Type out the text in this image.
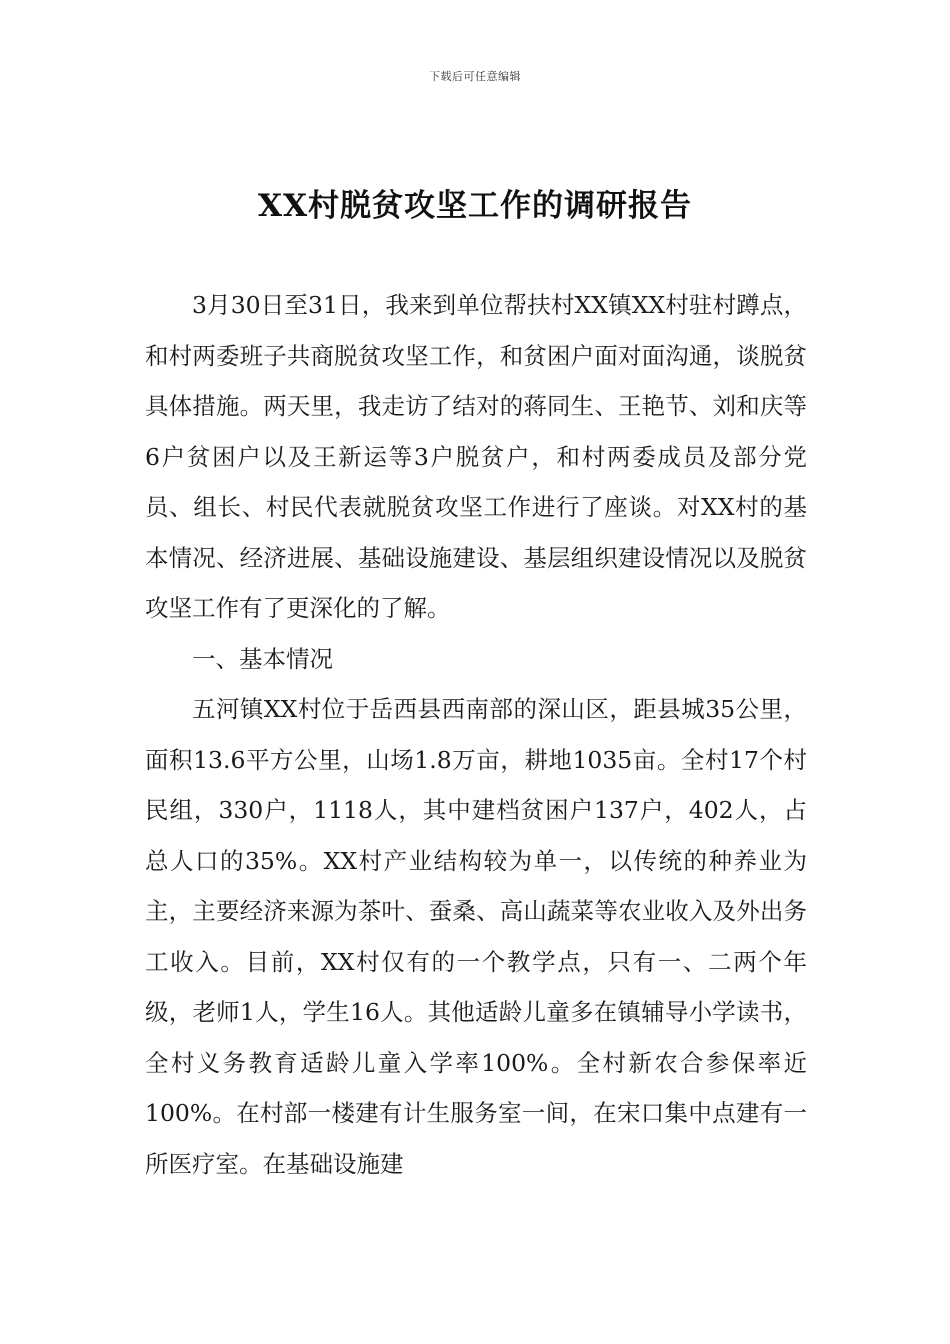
下载后可任意编辑
XX村脱贫攻坚工作的调研报告

3月30日至31日，我来到单位帮扶村XX镇XX村驻村蹲点，和村两委班子共商脱贫攻坚工作，和贫困户面对面沟通，谈脱贫具体措施。两天里，我走访了结对的蒋同生、王艳节、刘和庆等6户贫困户以及王新运等3户脱贫户，和村两委成员及部分党员、组长、村民代表就脱贫攻坚工作进行了座谈。对XX村的基本情况、经济进展、基础设施建设、基层组织建设情况以及脱贫攻坚工作有了更深化的了解。

一、基本情况

五河镇XX村位于岳西县西南部的深山区，距县城35公里，面积13.6平方公里，山场1.8万亩，耕地1035亩。全村17个村民组，330户，1118人，其中建档贫困户137户，402人，占总人口的35%。XX村产业结构较为单一，以传统的种养业为主，主要经济来源为茶叶、蚕桑、高山蔬菜等农业收入及外出务工收入。目前，XX村仅有的一个教学点，只有一、二两个年级，老师1人，学生16人。其他适龄儿童多在镇辅导小学读书，全村义务教育适龄儿童入学率100%。全村新农合参保率近100%。在村部一楼建有计生服务室一间，在宋口集中点建有一所医疗室。在基础设施建
